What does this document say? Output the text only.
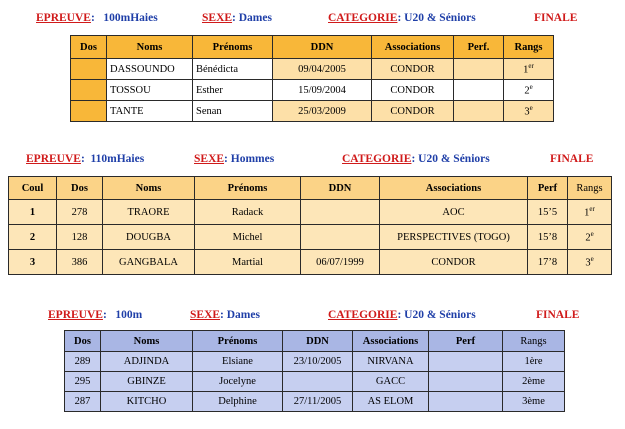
EPREUVE:   100mHaies	SEXE: Dames	CATEGORIE: U20 & Séniors	FINALE
Dos	Noms	Prénoms	DDN	Associations	Perf.	Rangs
	DASSOUNDO	Bénédicta	09/04/2005	CONDOR		1er
	TOSSOU	Esther	15/09/2004	CONDOR		2e
	TANTE	Senan	25/03/2009	CONDOR		3e
EPREUVE:  110mHaies	SEXE: Hommes	CATEGORIE: U20 & Séniors	FINALE
Coul	Dos	Noms	Prénoms	DDN	Associations	Perf	Rangs
1	278	TRAORE	Radack		AOC	15’5	1er
2	128	DOUGBA	Michel		PERSPECTIVES (TOGO)	15’8	2e
3	386	GANGBALA	Martial	06/07/1999	CONDOR	17’8	3e
EPREUVE:   100m	SEXE: Dames	CATEGORIE: U20 & Séniors	FINALE
Dos	Noms	Prénoms	DDN	Associations	Perf	Rangs
289	ADJINDA	Elsiane	23/10/2005	NIRVANA		1ère
295	GBINZE	Jocelyne		GACC		2ème
287	KITCHO	Delphine	27/11/2005	AS ELOM		3ème
